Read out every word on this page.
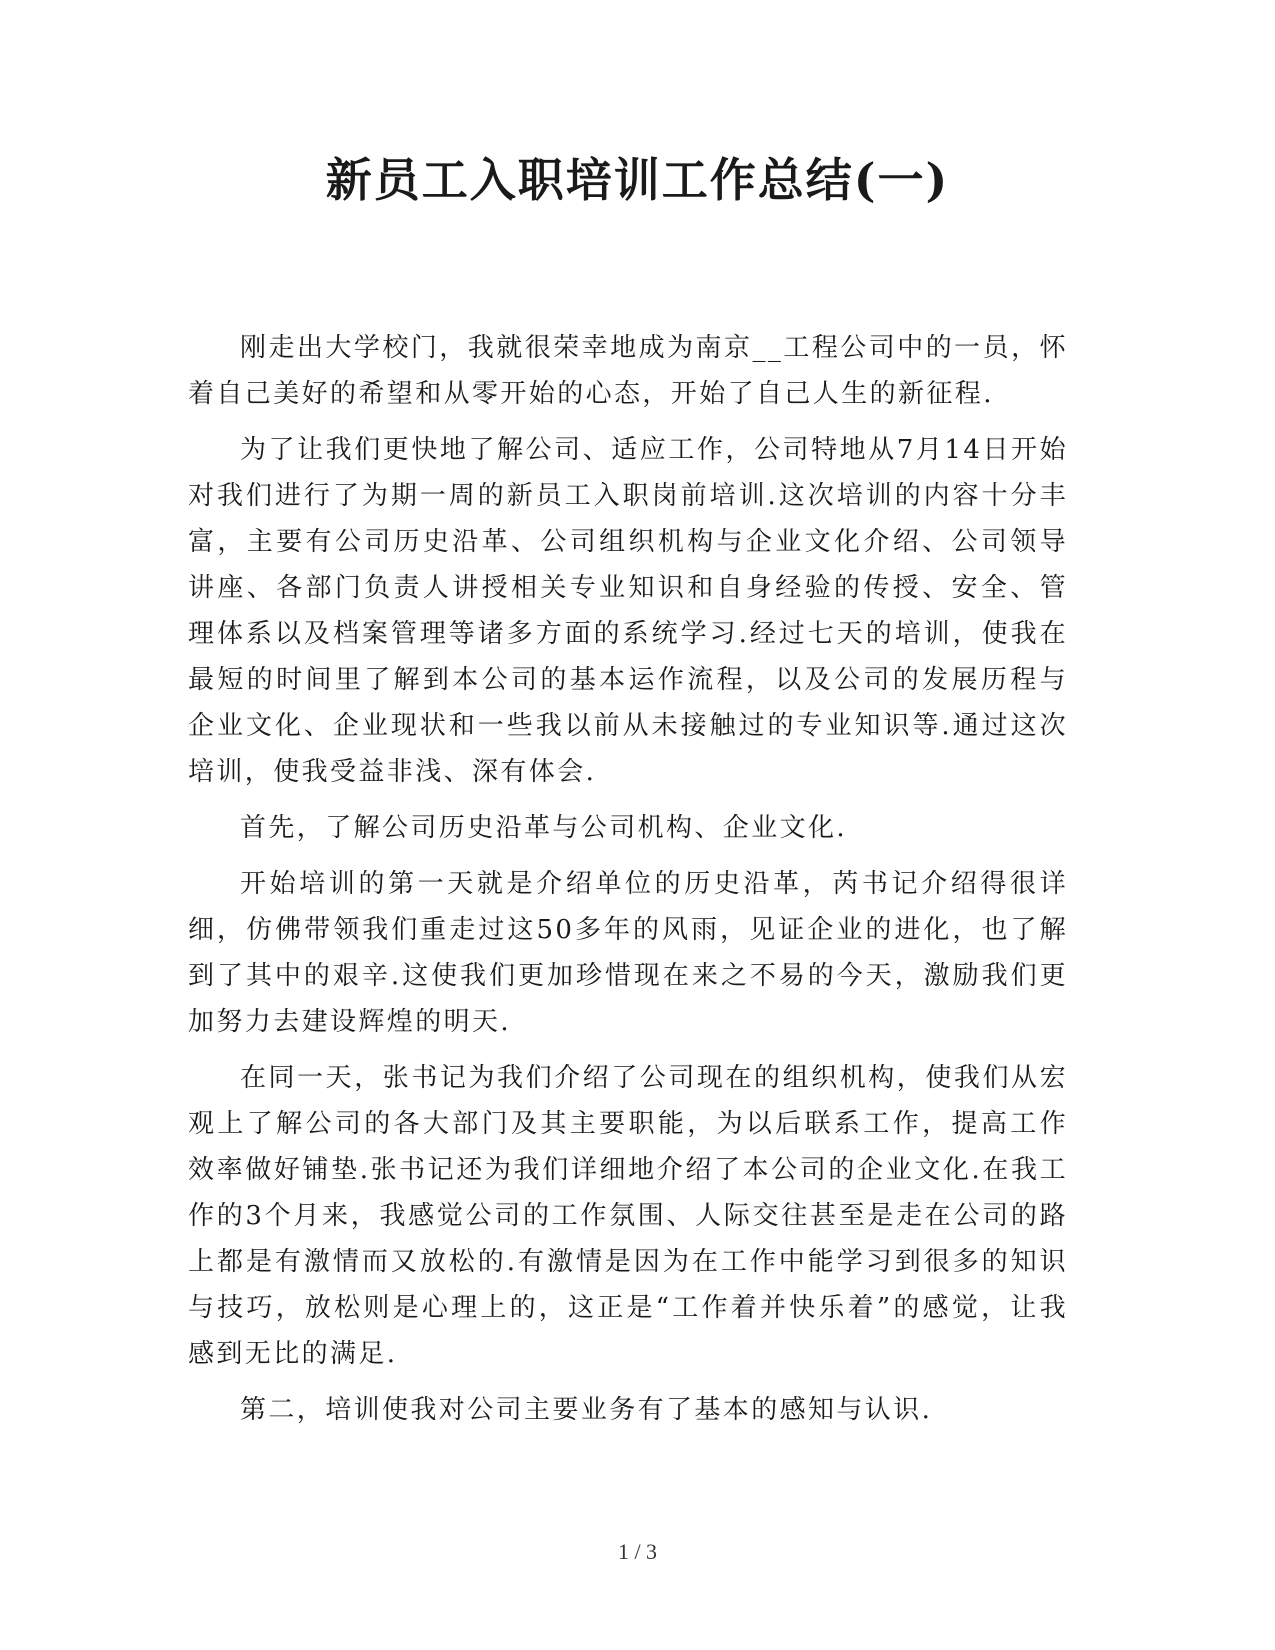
新员工入职培训工作总结(一)

刚走出大学校门，我就很荣幸地成为南京__工程公司中的一员，怀着自己美好的希望和从零开始的心态，开始了自己人生的新征程.

为了让我们更快地了解公司、适应工作，公司特地从7月14日开始对我们进行了为期一周的新员工入职岗前培训.这次培训的内容十分丰富，主要有公司历史沿革、公司组织机构与企业文化介绍、公司领导讲座、各部门负责人讲授相关专业知识和自身经验的传授、安全、管理体系以及档案管理等诸多方面的系统学习.经过七天的培训，使我在最短的时间里了解到本公司的基本运作流程，以及公司的发展历程与企业文化、企业现状和一些我以前从未接触过的专业知识等.通过这次培训，使我受益非浅、深有体会.

首先，了解公司历史沿革与公司机构、企业文化.

开始培训的第一天就是介绍单位的历史沿革，芮书记介绍得很详细，仿佛带领我们重走过这50多年的风雨，见证企业的进化，也了解到了其中的艰辛.这使我们更加珍惜现在来之不易的今天，激励我们更加努力去建设辉煌的明天.

在同一天，张书记为我们介绍了公司现在的组织机构，使我们从宏观上了解公司的各大部门及其主要职能，为以后联系工作，提高工作效率做好铺垫.张书记还为我们详细地介绍了本公司的企业文化.在我工作的3个月来，我感觉公司的工作氛围、人际交往甚至是走在公司的路上都是有激情而又放松的.有激情是因为在工作中能学习到很多的知识与技巧，放松则是心理上的，这正是“工作着并快乐着”的感觉，让我感到无比的满足.

第二，培训使我对公司主要业务有了基本的感知与认识.

1 / 3
